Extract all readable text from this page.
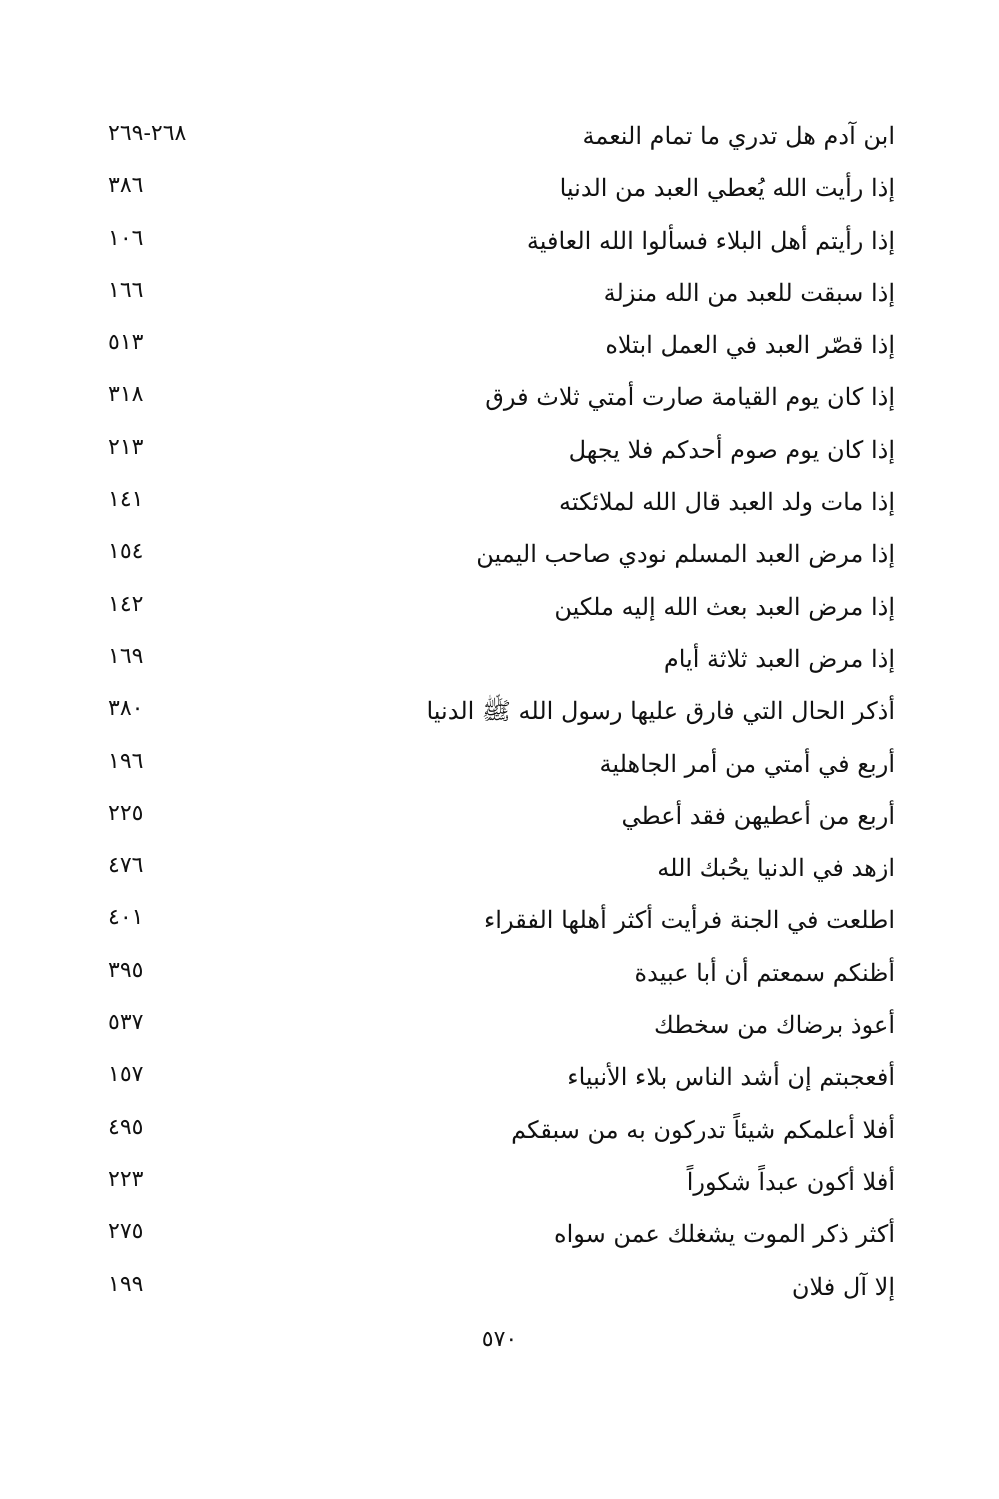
ابن آدم هل تدري ما تمام النعمة
٢٦٨-٢٦٩
إذا رأيت الله يُعطي العبد من الدنيا
٣٨٦
إذا رأيتم أهل البلاء فسألوا الله العافية
١٠٦
إذا سبقت للعبد من الله منزلة
١٦٦
إذا قصّر العبد في العمل ابتلاه
٥١٣
إذا كان يوم القيامة صارت أمتي ثلاث فرق
٣١٨
إذا كان يوم صوم أحدكم فلا يجهل
٢١٣
إذا مات ولد العبد قال الله لملائكته
١٤١
إذا مرض العبد المسلم نودي صاحب اليمين
١٥٤
إذا مرض العبد بعث الله إليه ملكين
١٤٢
إذا مرض العبد ثلاثة أيام
١٦٩
أذكر الحال التي فارق عليها رسول الله ﷺ الدنيا
٣٨٠
أربع في أمتي من أمر الجاهلية
١٩٦
أربع من أعطيهن فقد أعطي
٢٢٥
ازهد في الدنيا يحُبك الله
٤٧٦
اطلعت في الجنة فرأيت أكثر أهلها الفقراء
٤٠١
أظنكم سمعتم أن أبا عبيدة
٣٩٥
أعوذ برضاك من سخطك
٥٣٧
أفعجبتم إن أشد الناس بلاء الأنبياء
١٥٧
أفلا أعلمكم شيئاً تدركون به من سبقكم
٤٩٥
أفلا أكون عبداً شكوراً
٢٢٣
أكثر ذكر الموت يشغلك عمن سواه
٢٧٥
إلا آل فلان
١٩٩
٥٧٠
